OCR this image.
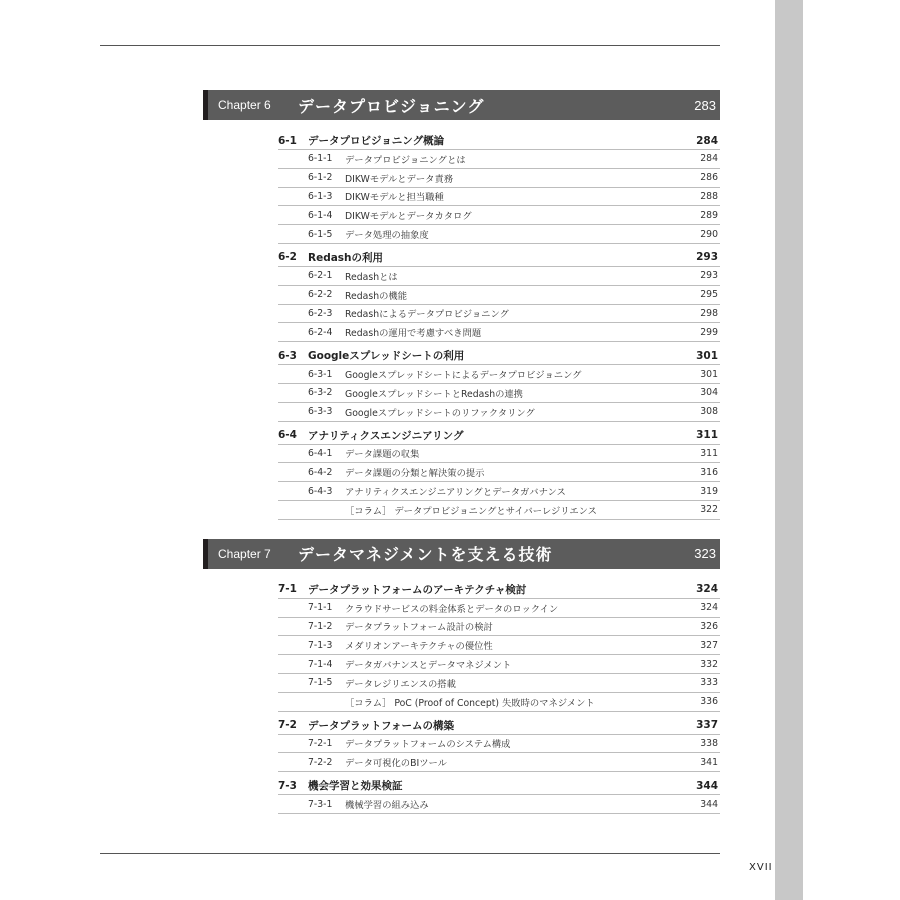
XVII
Chapter 6	データプロビジョニング	283
6-1	データプロビジョニング概論	284
6-1-1	データプロビジョニングとは	284
6-1-2	DIKWモデルとデータ責務	286
6-1-3	DIKWモデルと担当職種	288
6-1-4	DIKWモデルとデータカタログ	289
6-1-5	データ処理の抽象度	290
6-2	Redashの利用	293
6-2-1	Redashとは	293
6-2-2	Redashの機能	295
6-2-3	Redashによるデータプロビジョニング	298
6-2-4	Redashの運用で考慮すべき問題	299
6-3	Googleスプレッドシートの利用	301
6-3-1	Googleスプレッドシートによるデータプロビジョニング	301
6-3-2	GoogleスプレッドシートとRedashの連携	304
6-3-3	Googleスプレッドシートのリファクタリング	308
6-4	アナリティクスエンジニアリング	311
6-4-1	データ課題の収集	311
6-4-2	データ課題の分類と解決策の提示	316
6-4-3	アナリティクスエンジニアリングとデータガバナンス	319
［コラム］ データプロビジョニングとサイバーレジリエンス	322
Chapter 7	データマネジメントを支える技術	323
7-1	データプラットフォームのアーキテクチャ検討	324
7-1-1	クラウドサービスの料金体系とデータのロックイン	324
7-1-2	データプラットフォーム設計の検討	326
7-1-3	メダリオンアーキテクチャの優位性	327
7-1-4	データガバナンスとデータマネジメント	332
7-1-5	データレジリエンスの搭載	333
［コラム］ PoC (Proof of Concept) 失敗時のマネジメント	336
7-2	データプラットフォームの構築	337
7-2-1	データプラットフォームのシステム構成	338
7-2-2	データ可視化のBIツール	341
7-3	機会学習と効果検証	344
7-3-1	機械学習の組み込み	344
